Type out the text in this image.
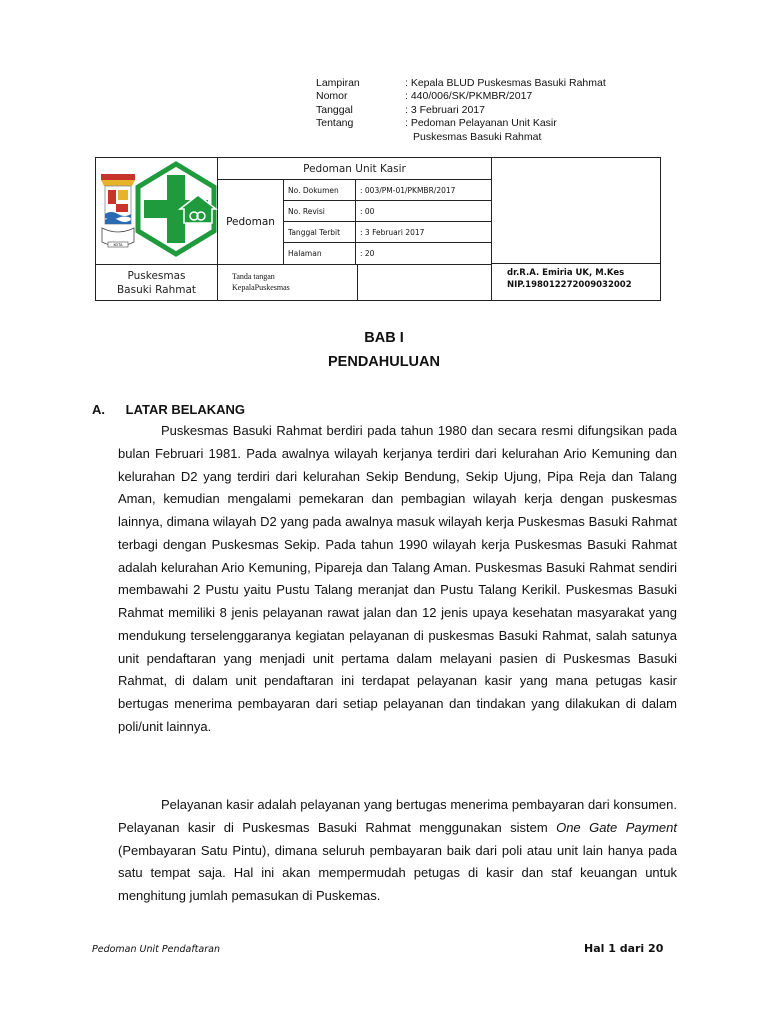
Lampiran	: Kepala BLUD Puskesmas Basuki Rahmat
Nomor	: 440/006/SK/PKMBR/2017
Tanggal	: 3 Februari 2017
Tentang	: Pedoman Pelayanan Unit Kasir
Puskesmas Basuki Rahmat
KOTA
Pedoman Unit Kasir
Pedoman
No. Dokumen	: 003/PM-01/PKMBR/2017
No. Revisi	: 00
Tanggal Terbit	: 3 Februari 2017
Halaman	: 20
Puskesmas
Basuki Rahmat
Tanda tangan
KepalaPuskesmas
dr.R.A. Emiria UK, M.Kes
NIP.198012272009032002
BAB I
PENDAHULUAN
A. LATAR BELAKANG

Puskesmas Basuki Rahmat berdiri pada tahun 1980 dan secara resmi difungsikan pada bulan Februari 1981. Pada awalnya wilayah kerjanya terdiri dari kelurahan Ario Kemuning dan kelurahan D2 yang terdiri dari kelurahan Sekip Bendung, Sekip Ujung, Pipa Reja dan Talang Aman, kemudian mengalami pemekaran dan pembagian wilayah kerja dengan puskesmas lainnya, dimana wilayah D2 yang pada awalnya masuk wilayah kerja Puskesmas Basuki Rahmat terbagi dengan Puskesmas Sekip. Pada tahun 1990 wilayah kerja Puskesmas Basuki Rahmat adalah kelurahan Ario Kemuning, Pipareja dan Talang Aman. Puskesmas Basuki Rahmat sendiri membawahi 2 Pustu yaitu Pustu Talang meranjat dan Pustu Talang Kerikil. Puskesmas Basuki Rahmat memiliki 8 jenis pelayanan rawat jalan dan 12 jenis upaya kesehatan masyarakat yang mendukung terselenggaranya kegiatan pelayanan di puskesmas Basuki Rahmat, salah satunya unit pendaftaran yang menjadi unit pertama dalam melayani pasien di Puskesmas Basuki Rahmat, di dalam unit pendaftaran ini terdapat pelayanan kasir yang mana petugas kasir bertugas menerima pembayaran dari setiap pelayanan dan tindakan yang dilakukan di dalam poli/unit lainnya.

Pelayanan kasir adalah pelayanan yang bertugas menerima pembayaran dari konsumen. Pelayanan kasir di Puskesmas Basuki Rahmat menggunakan sistem One Gate Payment (Pembayaran Satu Pintu), dimana seluruh pembayaran baik dari poli atau unit lain hanya pada satu tempat saja. Hal ini akan mempermudah petugas di kasir dan staf keuangan untuk menghitung jumlah pemasukan di Puskemas.

Pedoman Unit Pendaftaran	Hal 1 dari 20
